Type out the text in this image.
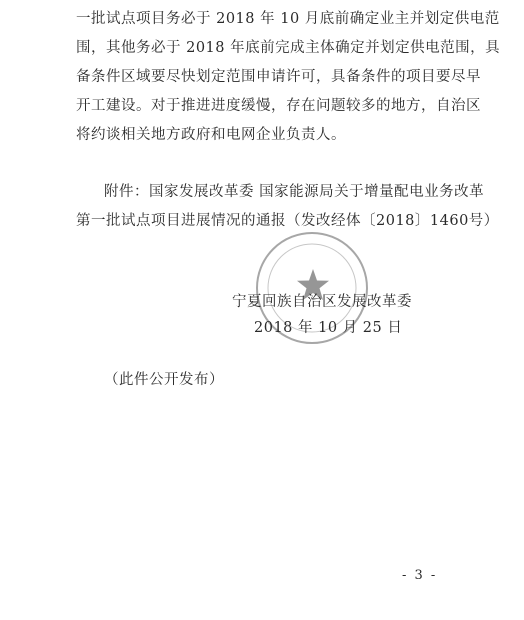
一批试点项目务必于 2018 年 10 月底前确定业主并划定供电范
围，其他务必于 2018 年底前完成主体确定并划定供电范围，具
备条件区域要尽快划定范围申请许可，具备条件的项目要尽早
开工建设。对于推进进度缓慢，存在问题较多的地方，自治区
将约谈相关地方政府和电网企业负责人。
附件：国家发展改革委 国家能源局关于增量配电业务改革
第一批试点项目进展情况的通报（发改经体〔2018〕1460号）
宁夏回族自治区发展改革委
2018 年 10 月 25 日
（此件公开发布）
- 3 -
